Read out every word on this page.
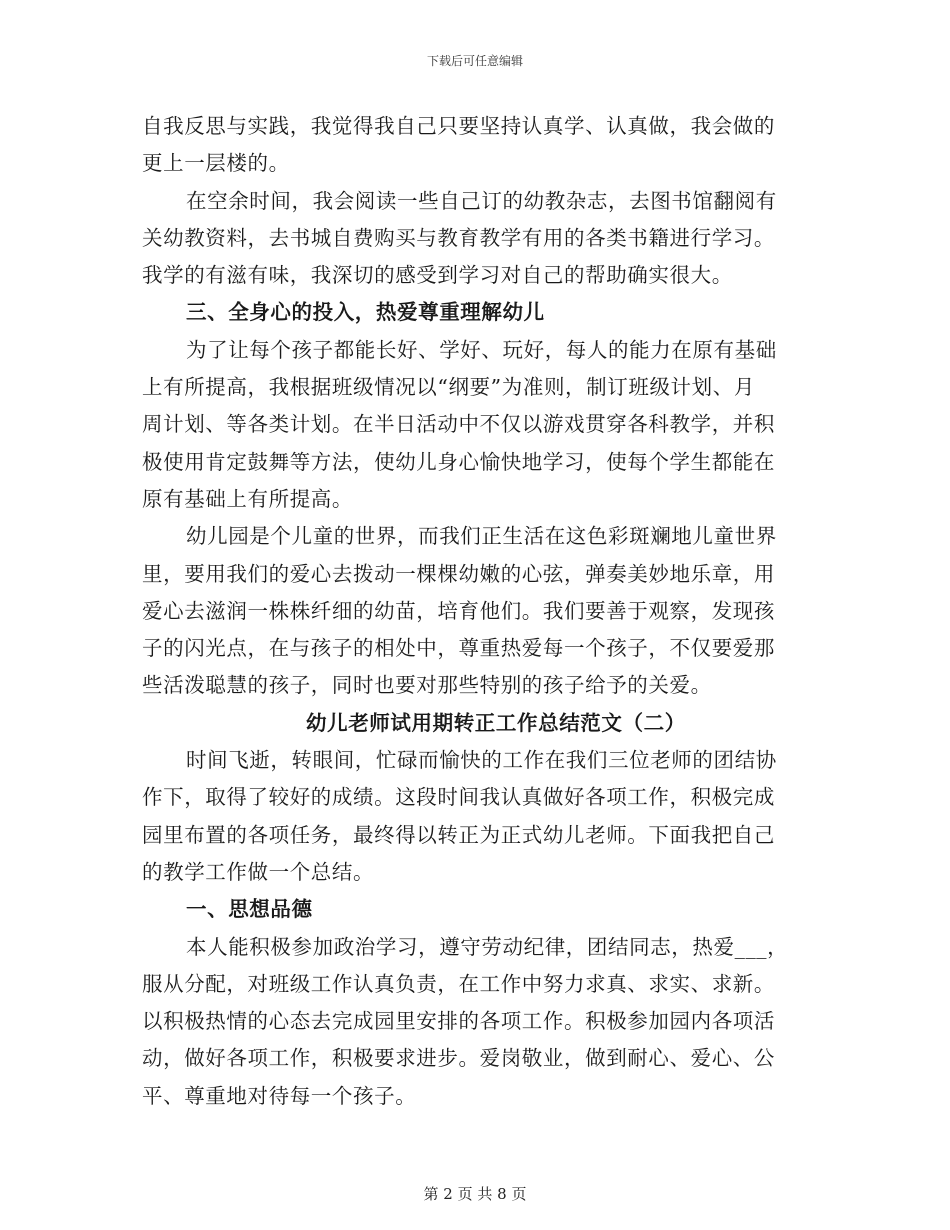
下载后可任意编辑
自我反思与实践，我觉得我自己只要坚持认真学、认真做，我会做的
更上一层楼的。
在空余时间，我会阅读一些自己订的幼教杂志，去图书馆翻阅有
关幼教资料，去书城自费购买与教育教学有用的各类书籍进行学习。
我学的有滋有味，我深切的感受到学习对自己的帮助确实很大。
三、全身心的投入，热爱尊重理解幼儿
为了让每个孩子都能长好、学好、玩好，每人的能力在原有基础
上有所提高，我根据班级情况以“纲要”为准则，制订班级计划、月
周计划、等各类计划。在半日活动中不仅以游戏贯穿各科教学，并积
极使用肯定鼓舞等方法，使幼儿身心愉快地学习，使每个学生都能在
原有基础上有所提高。
幼儿园是个儿童的世界，而我们正生活在这色彩斑斓地儿童世界
里，要用我们的爱心去拨动一棵棵幼嫩的心弦，弹奏美妙地乐章，用
爱心去滋润一株株纤细的幼苗，培育他们。我们要善于观察，发现孩
子的闪光点，在与孩子的相处中，尊重热爱每一个孩子，不仅要爱那
些活泼聪慧的孩子，同时也要对那些特别的孩子给予的关爱。
幼儿老师试用期转正工作总结范文（二）
时间飞逝，转眼间，忙碌而愉快的工作在我们三位老师的团结协
作下，取得了较好的成绩。这段时间我认真做好各项工作，积极完成
园里布置的各项任务，最终得以转正为正式幼儿老师。下面我把自己
的教学工作做一个总结。
一、思想品德
本人能积极参加政治学习，遵守劳动纪律，团结同志，热爱___，
服从分配，对班级工作认真负责，在工作中努力求真、求实、求新。
以积极热情的心态去完成园里安排的各项工作。积极参加园内各项活
动，做好各项工作，积极要求进步。爱岗敬业，做到耐心、爱心、公
平、尊重地对待每一个孩子。
第 2 页 共 8 页
